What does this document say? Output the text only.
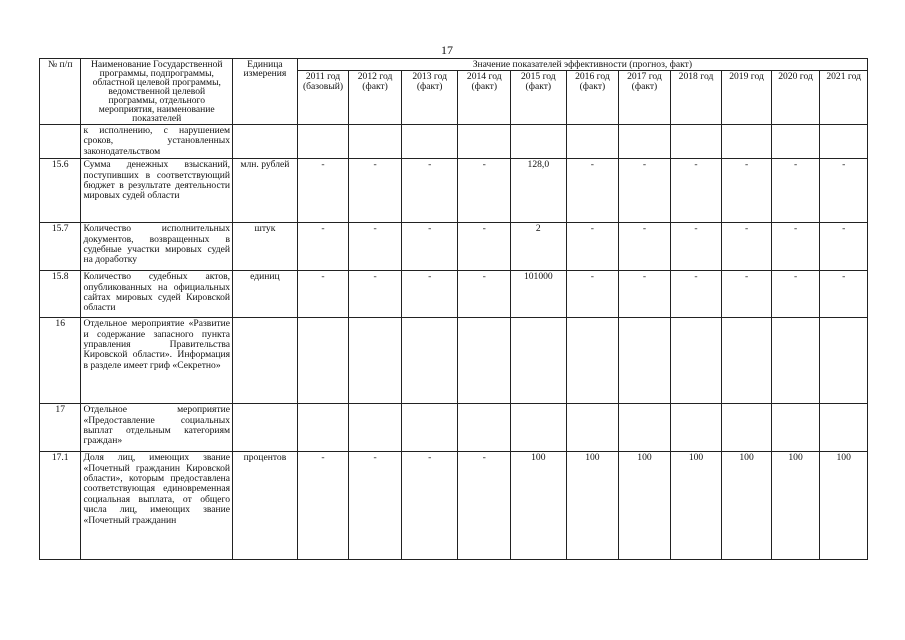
17
№ п/п	Наименование Государственной программы, подпрограммы, областной целевой программы, ведомственной целевой программы, отдельного мероприятия, наименование показателей	Единица измерения	Значение показателей эффективности (прогноз, факт)										
			2011 год (базовый)	2012 год (факт)	2013 год (факт)	2014 год (факт)	2015 год (факт)	2016 год (факт)	2017 год (факт)	2018 год	2019 год	2020 год	2021 год
	к исполнению, с нарушением сроков, установленных законодательством												
15.6	Сумма денежных взысканий, поступивших в соответствующий бюджет в результате деятельности мировых судей области	млн. рублей	-	-	-	-	128,0	-	-	-	-	-	-
15.7	Количество исполнительных документов, возвращенных в судебные участки мировых судей на доработку	штук	-	-	-	-	2	-	-	-	-	-	-
15.8	Количество судебных актов, опубликованных на официальных сайтах мировых судей Кировской области	единиц	-	-	-	-	101000	-	-	-	-	-	-
16	Отдельное мероприятие «Развитие и содержание запасного пункта управления Правительства Кировской области». Информация в разделе имеет гриф «Секретно»												
17	Отдельное мероприятие «Предоставление социальных выплат отдельным категориям граждан»												
17.1	Доля лиц, имеющих звание «Почетный гражданин Кировской области», которым предоставлена соответствующая единовременная социальная выплата, от общего числа лиц, имеющих звание «Почетный гражданин	процентов	-	-	-	-	100	100	100	100	100	100	100
